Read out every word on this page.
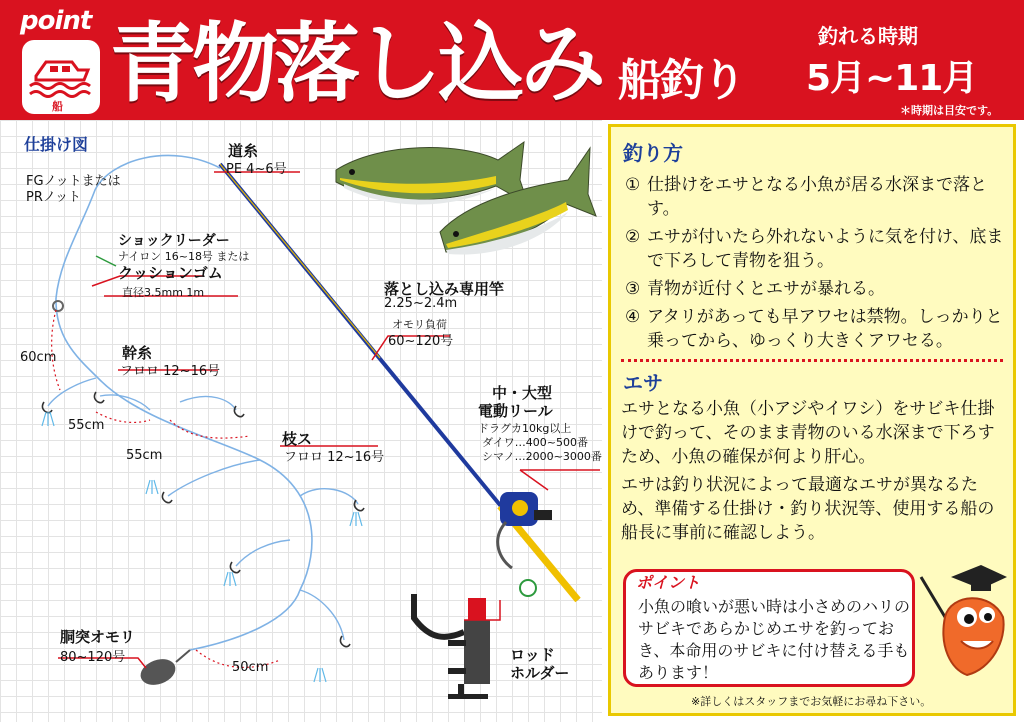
point
船 青物落し込み 船釣り
釣れる時期
5月~11月
＊時期は目安です。
仕掛け図	道糸
PE 4~6号
FGノットまたは
PRノット
ショックリーダー
ナイロン 16~18号 または
クッションゴム
直径3.5mm 1m	落とし込み専用竿
2.25~2.4m
オモリ負荷
60~120号
幹糸
フロロ 12~16号
60cm
55cm
55cm
中・大型
電動リール
ドラグカ10kg以上
ダイワ…400~500番
シマノ…2000~3000番
枝ス
フロロ 12~16号
胴突オモリ
80~120号
50cm
ロッド
ホルダー
釣り方
① 仕掛けをエサとなる小魚が居る水深まで落とす。
② エサが付いたら外れないように気を付け、底まで下ろして青物を狙う。
③ 青物が近付くとエサが暴れる。
④ アタリがあっても早アワセは禁物。しっかりと乗ってから、ゆっくり大きくアワセる。
エサ
エサとなる小魚（小アジやイワシ）をサビキ仕掛けで釣って、そのまま青物のいる水深まで下ろすため、小魚の確保が何より肝心。
エサは釣り状況によって最適なエサが異なるため、準備する仕掛け・釣り状況等、使用する船の船長に事前に確認しよう。
ポイント
小魚の喰いが悪い時は小さめのハリのサビキであらかじめエサを釣っておき、本命用のサビキに付け替える手もあります！
※詳しくはスタッフまでお気軽にお尋ね下さい。
